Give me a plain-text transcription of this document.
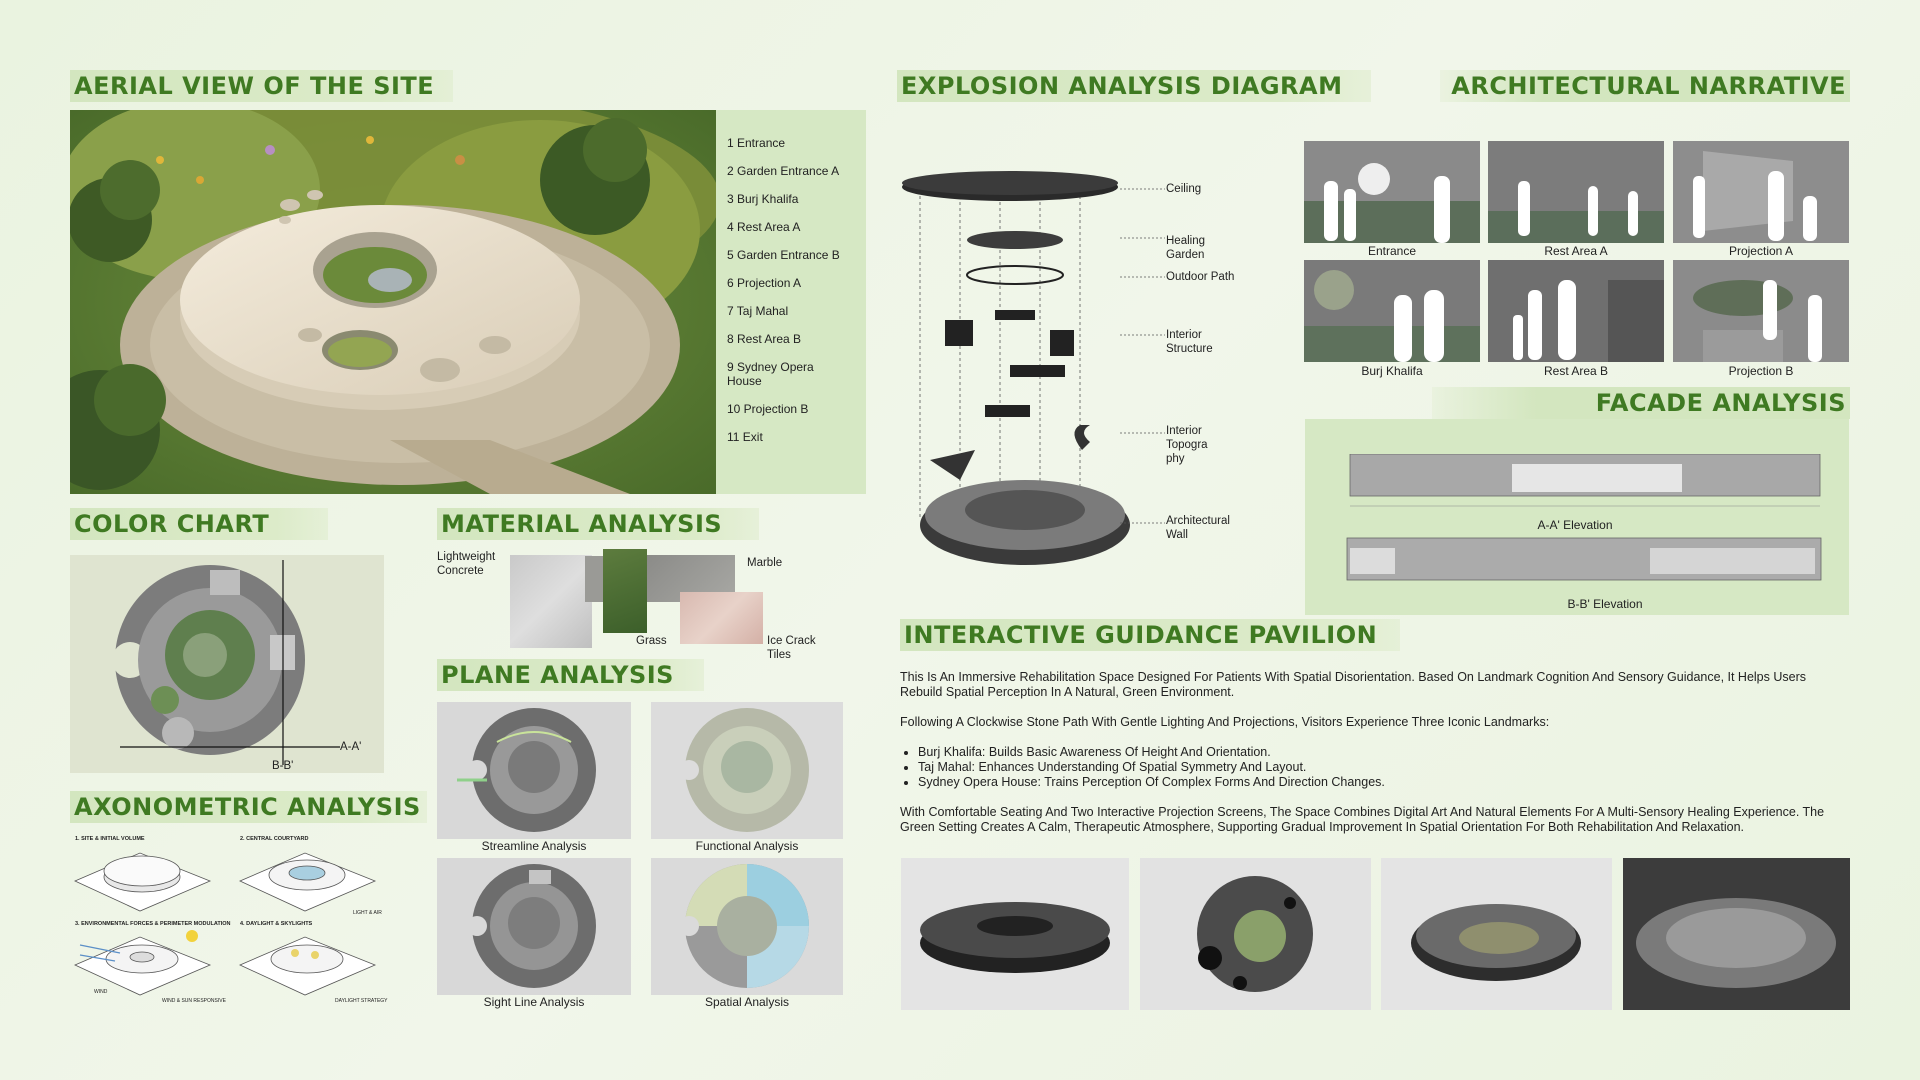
AERIAL VIEW OF THE SITE
1 Entrance
2 Garden Entrance A
3 Burj Khalifa
4 Rest Area A
5 Garden Entrance B
6 Projection A
7 Taj Mahal
8 Rest Area B
9 Sydney Opera House
10 Projection B
11 Exit
COLOR CHART
A-A'
B-B'
MATERIAL ANALYSIS
Lightweight Concrete
Marble
Grass	Ice Crack Tiles
PLANE ANALYSIS
Streamline Analysis	Functional Analysis
Sight Line Analysis	Spatial Analysis
AXONOMETRIC ANALYSIS
1. SITE & INITIAL VOLUME	2. CENTRAL COURTYARD
3. ENVIRONMENTAL FORCES & PERIMETER MODULATION 4. DAYLIGHT & SKYLIGHTS
WIND
WIND & SUN RESPONSIVE
LIGHT & AIR
DAYLIGHT STRATEGY
EXPLOSION ANALYSIS DIAGRAM
Ceiling
Healing Garden
Outdoor Path
Interior Structure
Interior Topogra phy
Architectural Wall
ARCHITECTURAL NARRATIVE
Entrance	Rest Area A	Projection A
Burj Khalifa	Rest Area B	Projection B
FACADE ANALYSIS
A-A' Elevation
B-B' Elevation
INTERACTIVE GUIDANCE PAVILION

This Is An Immersive Rehabilitation Space Designed For Patients With Spatial Disorientation. Based On Landmark Cognition And Sensory Guidance, It Helps Users Rebuild Spatial Perception In A Natural, Green Environment.

Following A Clockwise Stone Path With Gentle Lighting And Projections, Visitors Experience Three Iconic Landmarks:

• Burj Khalifa: Builds Basic Awareness Of Height And Orientation.
• Taj Mahal: Enhances Understanding Of Spatial Symmetry And Layout.
• Sydney Opera House: Trains Perception Of Complex Forms And Direction Changes.

With Comfortable Seating And Two Interactive Projection Screens, The Space Combines Digital Art And Natural Elements For A Multi-Sensory Healing Experience. The Green Setting Creates A Calm, Therapeutic Atmosphere, Supporting Gradual Improvement In Spatial Orientation For Both Rehabilitation And Relaxation.
